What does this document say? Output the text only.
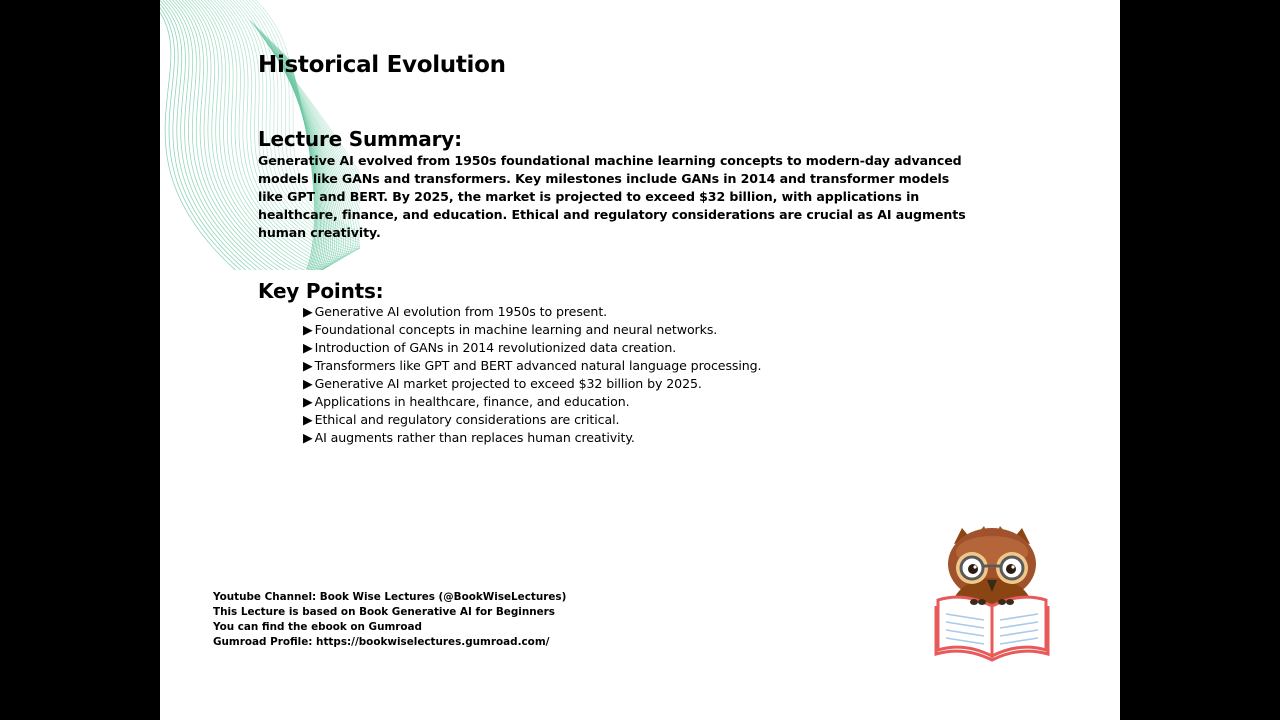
Historical Evolution
Lecture Summary:

Generative AI evolved from 1950s foundational machine learning concepts to modern-day advanced models like GANs and transformers. Key milestones include GANs in 2014 and transformer models like GPT and BERT. By 2025, the market is projected to exceed $32 billion, with applications in healthcare, finance, and education. Ethical and regulatory considerations are crucial as AI augments human creativity.

Key Points:
▶ Generative AI evolution from 1950s to present.
▶ Foundational concepts in machine learning and neural networks.
▶ Introduction of GANs in 2014 revolutionized data creation.
▶ Transformers like GPT and BERT advanced natural language processing.
▶ Generative AI market projected to exceed $32 billion by 2025.
▶ Applications in healthcare, finance, and education.
▶ Ethical and regulatory considerations are critical.
▶ AI augments rather than replaces human creativity.
Youtube Channel: Book Wise Lectures (@BookWiseLectures)
This Lecture is based on Book Generative AI for Beginners
You can find the ebook on Gumroad
Gumroad Profile: https://bookwiselectures.gumroad.com/
